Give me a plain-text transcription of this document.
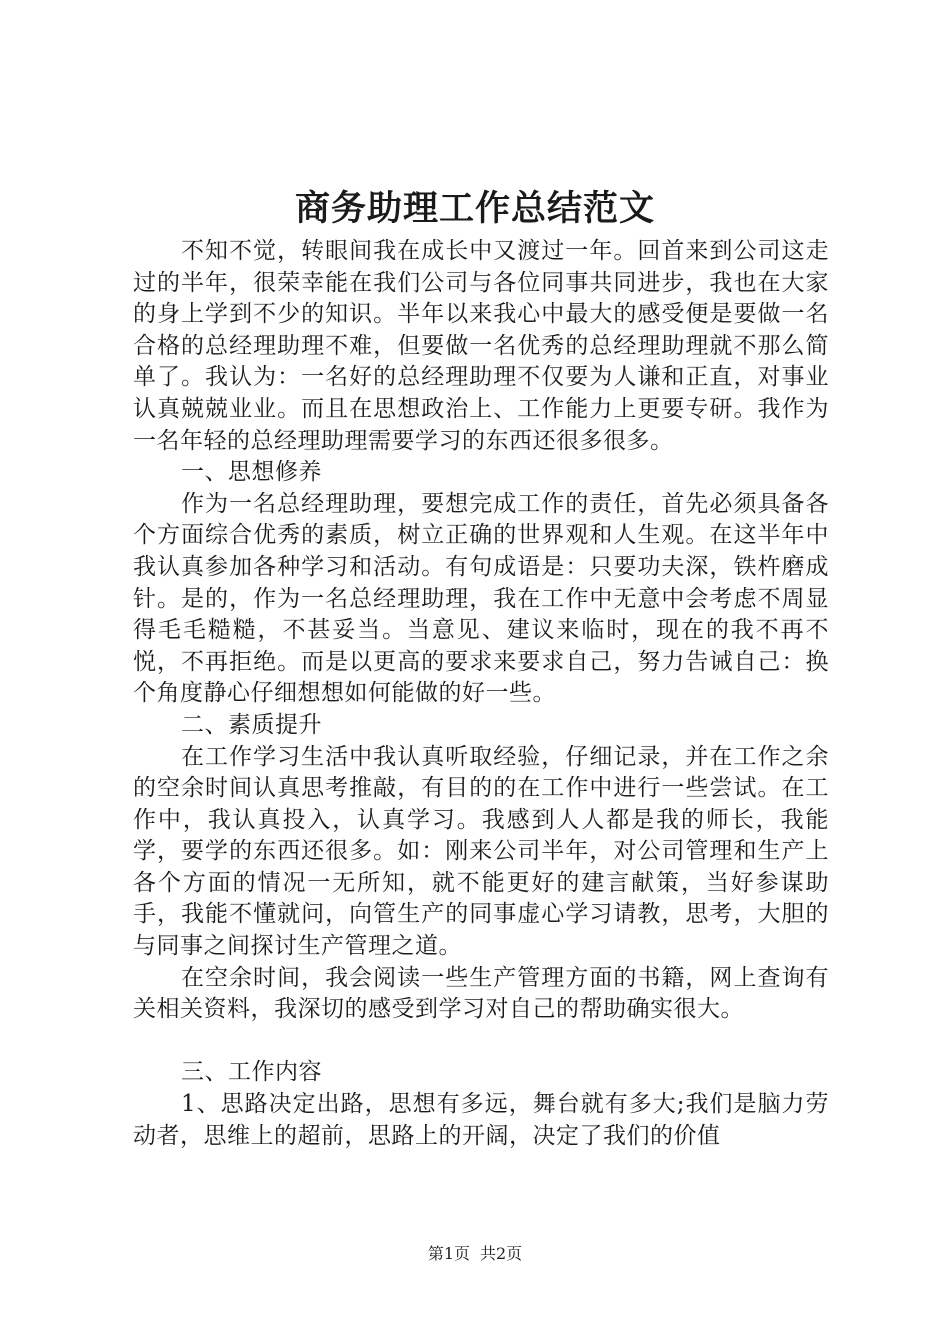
商务助理工作总结范文

不知不觉，转眼间我在成长中又渡过一年。回首来到公司这走过的半年，很荣幸能在我们公司与各位同事共同进步，我也在大家的身上学到不少的知识。半年以来我心中最大的感受便是要做一名合格的总经理助理不难，但要做一名优秀的总经理助理就不那么简单了。我认为：一名好的总经理助理不仅要为人谦和正直，对事业认真兢兢业业。而且在思想政治上、工作能力上更要专研。我作为一名年轻的总经理助理需要学习的东西还很多很多。

一、思想修养

作为一名总经理助理，要想完成工作的责任，首先必须具备各个方面综合优秀的素质，树立正确的世界观和人生观。在这半年中我认真参加各种学习和活动。有句成语是：只要功夫深，铁杵磨成针。是的，作为一名总经理助理，我在工作中无意中会考虑不周显得毛毛糙糙，不甚妥当。当意见、建议来临时，现在的我不再不悦，不再拒绝。而是以更高的要求来要求自己，努力告诫自己：换个角度静心仔细想想如何能做的好一些。

二、素质提升

在工作学习生活中我认真听取经验，仔细记录，并在工作之余的空余时间认真思考推敲，有目的的在工作中进行一些尝试。在工作中，我认真投入，认真学习。我感到人人都是我的师长，我能学，要学的东西还很多。如：刚来公司半年，对公司管理和生产上各个方面的情况一无所知，就不能更好的建言献策，当好参谋助手，我能不懂就问，向管生产的同事虚心学习请教，思考，大胆的与同事之间探讨生产管理之道。

在空余时间，我会阅读一些生产管理方面的书籍，网上查询有关相关资料，我深切的感受到学习对自己的帮助确实很大。

三、工作内容

1、思路决定出路，思想有多远，舞台就有多大;我们是脑力劳动者，思维上的超前，思路上的开阔，决定了我们的价值

第1页 共2页
